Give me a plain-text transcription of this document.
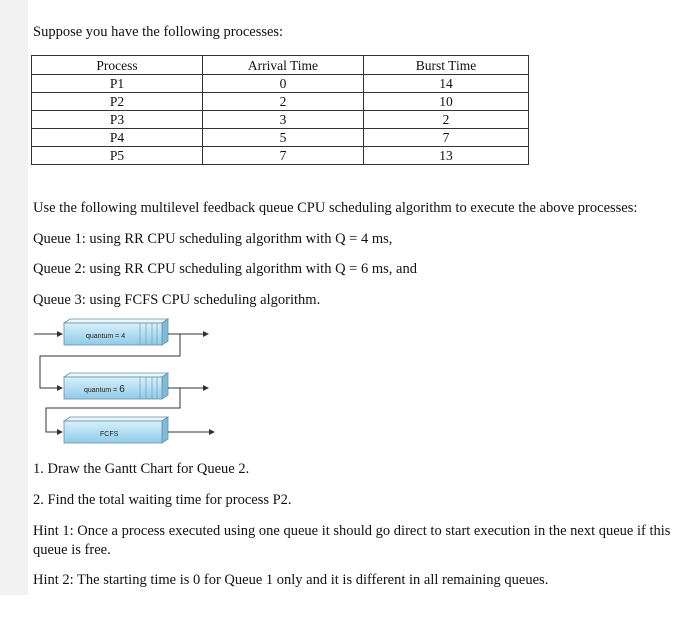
Suppose you have the following processes:
Process	Arrival Time	Burst Time
P1	0	14
P2	2	10
P3	3	2
P4	5	7
P5	7	13
Use the following multilevel feedback queue CPU scheduling algorithm to execute the above processes:
Queue 1: using RR CPU scheduling algorithm with Q = 4 ms,
Queue 2: using RR CPU scheduling algorithm with Q = 6 ms, and
Queue 3: using FCFS CPU scheduling algorithm.
quantum = 4
quantum = 6
FCFS
1. Draw the Gantt Chart for Queue 2.
2. Find the total waiting time for process P2.
Hint 1: Once a process executed using one queue it should go direct to start execution in the next queue if this queue is free.
Hint 2: The starting time is 0 for Queue 1 only and it is different in all remaining queues.
